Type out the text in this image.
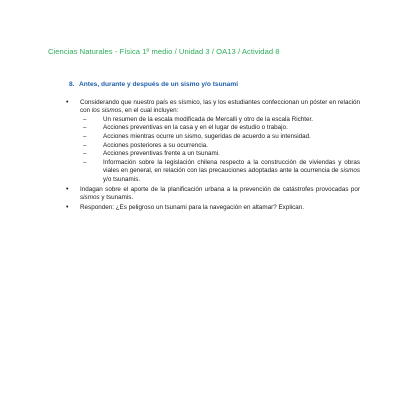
Ciencias Naturales - Física 1º medio / Unidad 3 / OA13 / Actividad 8
8. Antes, durante y después de un sismo y/o tsunami
• Considerando que nuestro país es sísmico, las y los estudiantes confeccionan un póster en relación con los sismos, en el cual incluyen:
–	Un resumen de la escala modificada de Mercalli y otro de la escala Richter.
–	Acciones preventivas en la casa y en el lugar de estudio o trabajo.
–	Acciones mientras ocurre un sismo, sugeridas de acuerdo a su intensidad.
–	Acciones posteriores a su ocurrencia.
–	Acciones preventivas frente a un tsunami.
–	Información sobre la legislación chilena respecto a la construcción de viviendas y obras viales en general, en relación con las precauciones adoptadas ante la ocurrencia de sismos y/o tsunamis.
• Indagan sobre el aporte de la planificación urbana a la prevención de catástrofes provocadas por sismos y tsunamis.
• Responden: ¿Es peligroso un tsunami para la navegación en altamar? Explican.
